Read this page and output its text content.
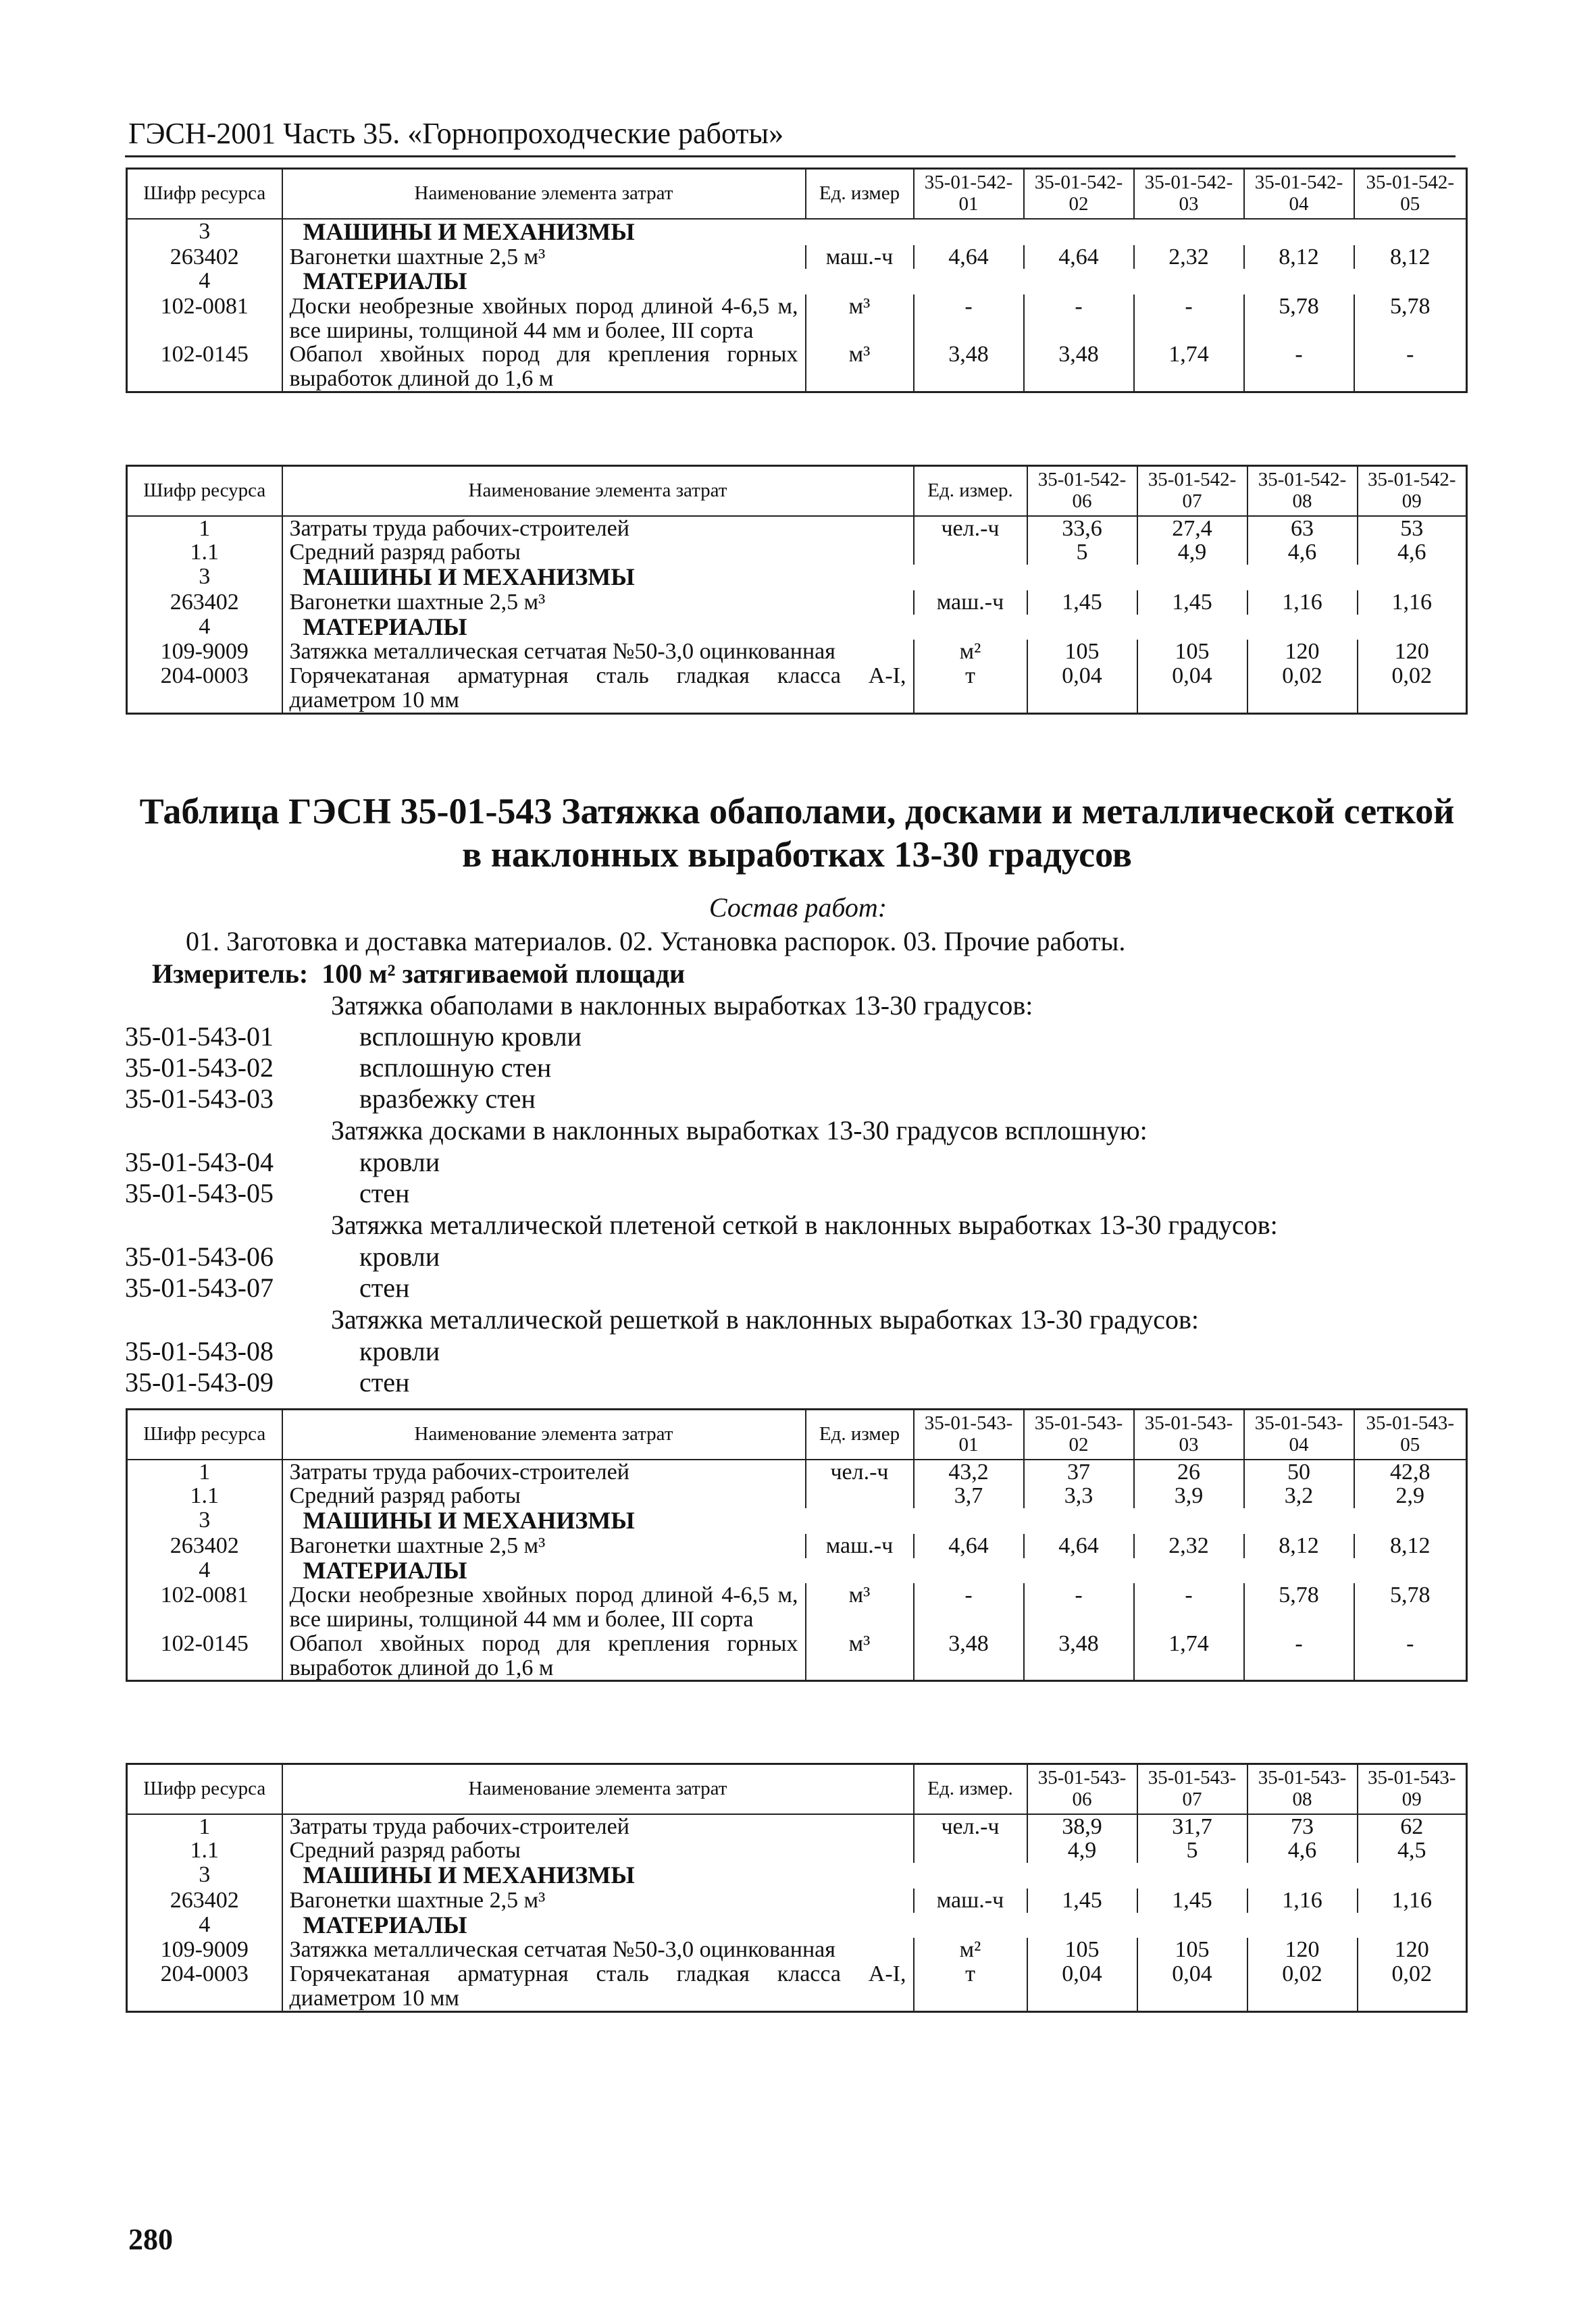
ГЭСН-2001 Часть 35. «Горнопроходческие работы»
Шифр ресурса	Наименование элемента затрат	Ед. измер	35-01-542-01	35-01-542-02	35-01-542-03	35-01-542-04	35-01-542-05
3	МАШИНЫ И МЕХАНИЗМЫ						
263402	Вагонетки шахтные 2,5 м³	маш.-ч	4,64	4,64	2,32	8,12	8,12
4	МАТЕРИАЛЫ						
102-0081	Доски необрезные хвойных пород длиной 4-6,5 м, все ширины, толщиной 44 мм и более, III сорта	м³	-	-	-	5,78	5,78
102-0145	Обапол хвойных пород для крепления горных выработок длиной до 1,6 м	м³	3,48	3,48	1,74	-	-
Шифр ресурса	Наименование элемента затрат	Ед. измер.	35-01-542-06	35-01-542-07	35-01-542-08	35-01-542-09
1	Затраты труда рабочих-строителей	чел.-ч	33,6	27,4	63	53
1.1	Средний разряд работы		5	4,9	4,6	4,6
3	МАШИНЫ И МЕХАНИЗМЫ					
263402	Вагонетки шахтные 2,5 м³	маш.-ч	1,45	1,45	1,16	1,16
4	МАТЕРИАЛЫ					
109-9009	Затяжка металлическая сетчатая №50-3,0 оцинкованная	м²	105	105	120	120
204-0003	Горячекатаная арматурная сталь гладкая класса А-I, диаметром 10 мм	т	0,04	0,04	0,02	0,02
Таблица ГЭСН 35-01-543 Затяжка обаполами, досками и металлической сеткой в наклонных выработках 13-30 градусов
Состав работ:
01. Заготовка и доставка материалов. 02. Установка распорок. 03. Прочие работы.
Измеритель: 100 м² затягиваемой площади
Затяжка обаполами в наклонных выработках 13-30 градусов:
35-01-543-01	всплошную кровли
35-01-543-02	всплошную стен
35-01-543-03	вразбежку стен
Затяжка досками в наклонных выработках 13-30 градусов всплошную:
35-01-543-04	кровли
35-01-543-05	стен
Затяжка металлической плетеной сеткой в наклонных выработках 13-30 градусов:
35-01-543-06	кровли
35-01-543-07	стен
Затяжка металлической решеткой в наклонных выработках 13-30 градусов:
35-01-543-08	кровли
35-01-543-09	стен
Шифр ресурса	Наименование элемента затрат	Ед. измер	35-01-543-01	35-01-543-02	35-01-543-03	35-01-543-04	35-01-543-05
1	Затраты труда рабочих-строителей	чел.-ч	43,2	37	26	50	42,8
1.1	Средний разряд работы		3,7	3,3	3,9	3,2	2,9
3	МАШИНЫ И МЕХАНИЗМЫ						
263402	Вагонетки шахтные 2,5 м³	маш.-ч	4,64	4,64	2,32	8,12	8,12
4	МАТЕРИАЛЫ						
102-0081	Доски необрезные хвойных пород длиной 4-6,5 м, все ширины, толщиной 44 мм и более, III сорта	м³	-	-	-	5,78	5,78
102-0145	Обапол хвойных пород для крепления горных выработок длиной до 1,6 м	м³	3,48	3,48	1,74	-	-
Шифр ресурса	Наименование элемента затрат	Ед. измер.	35-01-543-06	35-01-543-07	35-01-543-08	35-01-543-09
1	Затраты труда рабочих-строителей	чел.-ч	38,9	31,7	73	62
1.1	Средний разряд работы		4,9	5	4,6	4,5
3	МАШИНЫ И МЕХАНИЗМЫ					
263402	Вагонетки шахтные 2,5 м³	маш.-ч	1,45	1,45	1,16	1,16
4	МАТЕРИАЛЫ					
109-9009	Затяжка металлическая сетчатая №50-3,0 оцинкованная	м²	105	105	120	120
204-0003	Горячекатаная арматурная сталь гладкая класса А-I, диаметром 10 мм	т	0,04	0,04	0,02	0,02
280
